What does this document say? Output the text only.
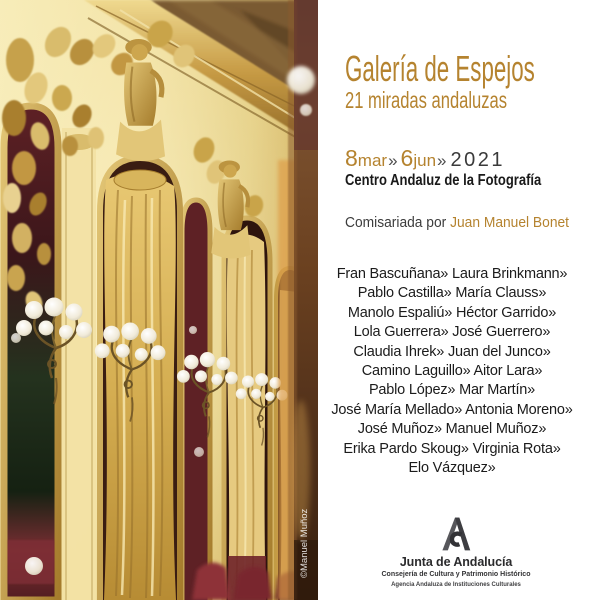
©Manuel Muñoz
Galería de Espejos
21 miradas andaluzas
8mar» 6jun» 2021
Centro Andaluz de la Fotografía
Comisariada por Juan Manuel Bonet
Fran Bascuñana» Laura Brinkmann»
Pablo Castilla» María Clauss»
Manolo Espaliú» Héctor Garrido»
Lola Guerrera» José Guerrero»
Claudia Ihrek» Juan del Junco»
Camino Laguillo» Aitor Lara»
Pablo López» Mar Martín»
José María Mellado» Antonia Moreno»
José Muñoz» Manuel Muñoz»
Erika Pardo Skoug» Virginia Rota»
Elo Vázquez»
Junta de Andalucía
Consejería de Cultura y Patrimonio Histórico
Agencia Andaluza de Instituciones Culturales
